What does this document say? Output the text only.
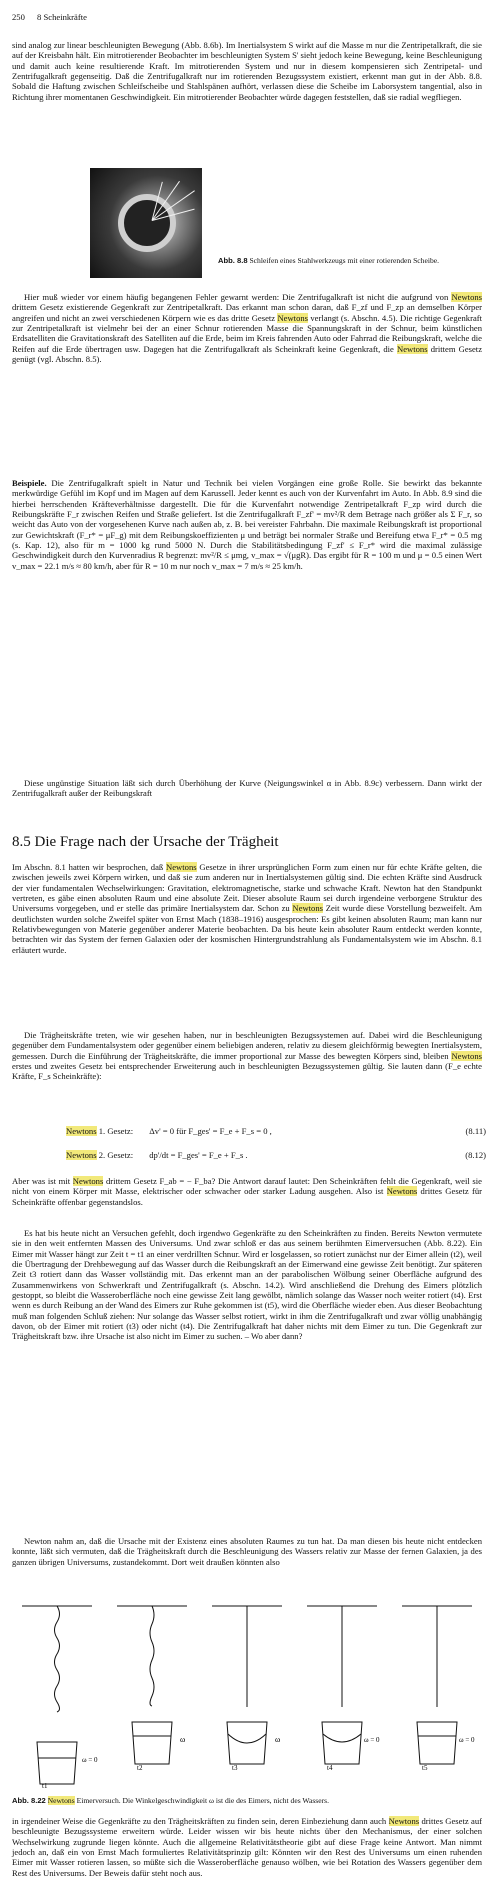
250 8 Scheinkräfte
sind analog zur linear beschleunigten Bewegung (Abb. 8.6b). Im Inertialsystem S wirkt auf die Masse m nur die Zentripetalkraft, die sie auf der Kreisbahn hält. Ein mitrotierender Beobachter im beschleunigten System S' sieht jedoch keine Bewegung, keine Beschleunigung und damit auch keine resultierende Kraft. Im mitrotierenden System und nur in diesem kompensieren sich Zentripetal- und Zentrifugalkraft gegenseitig. Daß die Zentrifugalkraft nur im rotierenden Bezugssystem existiert, erkennt man gut in der Abb. 8.8. Sobald die Haftung zwischen Schleifscheibe und Stahlspänen aufhört, verlassen diese die Scheibe im Laborsystem tangential, also in Richtung ihrer momentanen Geschwindigkeit. Ein mitrotierender Beobachter würde dagegen feststellen, daß sie radial wegfliegen.
Abb. 8.8 Schleifen eines Stahlwerkzeugs mit einer rotierenden Scheibe.
Hier muß wieder vor einem häufig begangenen Fehler gewarnt werden: Die Zentrifugalkraft ist nicht die aufgrund von Newtons drittem Gesetz existierende Gegenkraft zur Zentripetalkraft. Das erkannt man schon daran, daß F_zf und F_zp an demselben Körper angreifen und nicht an zwei verschiedenen Körpern wie es das dritte Gesetz Newtons verlangt (s. Abschn. 4.5). Die richtige Gegenkraft zur Zentripetalkraft ist vielmehr bei der an einer Schnur rotierenden Masse die Spannungskraft in der Schnur, beim künstlichen Erdsatelliten die Gravitationskraft des Satelliten auf die Erde, beim im Kreis fahrenden Auto oder Fahrrad die Reibungskraft, welche die Reifen auf die Erde übertragen usw. Dagegen hat die Zentrifugalkraft als Scheinkraft keine Gegenkraft, die Newtons drittem Gesetz genügt (vgl. Abschn. 8.5).
Beispiele. Die Zentrifugalkraft spielt in Natur und Technik bei vielen Vorgängen eine große Rolle. Sie bewirkt das bekannte merkwürdige Gefühl im Kopf und im Magen auf dem Karussell. Jeder kennt es auch von der Kurvenfahrt im Auto. In Abb. 8.9 sind die hierbei herrschenden Kräfteverhältnisse dargestellt. Die für die Kurvenfahrt notwendige Zentripetalkraft F_zp wird durch die Reibungskräfte F_r zwischen Reifen und Straße geliefert. Ist die Zentrifugalkraft F_zf' = mv²/R dem Betrage nach größer als Σ F_r, so weicht das Auto von der vorgesehenen Kurve nach außen ab, z. B. bei vereister Fahrbahn. Die maximale Reibungskraft ist proportional zur Gewichtskraft (F_r* = μF_g) mit dem Reibungskoeffizienten μ und beträgt bei normaler Straße und Bereifung etwa F_r* = 0.5 mg (s. Kap. 12), also für m = 1000 kg rund 5000 N. Durch die Stabilitätsbedingung F_zf' ≤ F_r* wird die maximal zulässige Geschwindigkeit durch den Kurvenradius R begrenzt: mv²/R ≤ μmg, v_max = √(μgR). Das ergibt für R = 100 m und μ = 0.5 einen Wert v_max = 22.1 m/s ≈ 80 km/h, aber für R = 10 m nur noch v_max = 7 m/s ≈ 25 km/h.
Diese ungünstige Situation läßt sich durch Überhöhung der Kurve (Neigungswinkel α in Abb. 8.9c) verbessern. Dann wirkt der Zentrifugalkraft außer der Reibungskraft
8.5 Die Frage nach der Ursache der Trägheit
Im Abschn. 8.1 hatten wir besprochen, daß Newtons Gesetze in ihrer ursprünglichen Form zum einen nur für echte Kräfte gelten, die zwischen jeweils zwei Körpern wirken, und daß sie zum anderen nur in Inertialsystemen gültig sind. Die echten Kräfte sind Ausdruck der vier fundamentalen Wechselwirkungen: Gravitation, elektromagnetische, starke und schwache Kraft. Newton hat den Standpunkt vertreten, es gäbe einen absoluten Raum und eine absolute Zeit. Dieser absolute Raum sei durch irgendeine verborgene Struktur des Universums vorgegeben, und er stelle das primäre Inertialsystem dar. Schon zu Newtons Zeit wurde diese Vorstellung bezweifelt. Am deutlichsten wurden solche Zweifel später von Ernst Mach (1838–1916) ausgesprochen: Es gibt keinen absoluten Raum; man kann nur Relativbewegungen von Materie gegenüber anderer Materie beobachten. Da bis heute kein absoluter Raum entdeckt werden konnte, betrachten wir das System der fernen Galaxien oder der kosmischen Hintergrundstrahlung als Fundamentalsystem wie im Abschn. 8.1 erläutert wurde.
Die Trägheitskräfte treten, wie wir gesehen haben, nur in beschleunigten Bezugssystemen auf. Dabei wird die Beschleunigung gegenüber dem Fundamentalsystem oder gegenüber einem beliebigen anderen, relativ zu diesem gleichförmig bewegten Inertialsystem, gemessen. Durch die Einführung der Trägheitskräfte, die immer proportional zur Masse des bewegten Körpers sind, bleiben Newtons erstes und zweites Gesetz bei entsprechender Erweiterung auch in beschleunigten Bezugssystemen gültig. Sie lauten dann (F_e echte Kräfte, F_s Scheinkräfte):
Newtons 1. Gesetz: Δv' = 0 für F_ges' = F_e + F_s = 0 ,	(8.11)
Newtons 2. Gesetz: dp'/dt = F_ges' = F_e + F_s .	(8.12)
Aber was ist mit Newtons drittem Gesetz F_ab = − F_ba? Die Antwort darauf lautet: Den Scheinkräften fehlt die Gegenkraft, weil sie nicht von einem Körper mit Masse, elektrischer oder schwacher oder starker Ladung ausgehen. Also ist Newtons drittes Gesetz für Scheinkräfte offenbar gegenstandslos.
Es hat bis heute nicht an Versuchen gefehlt, doch irgendwo Gegenkräfte zu den Scheinkräften zu finden. Bereits Newton vermutete sie in den weit entfernten Massen des Universums. Und zwar schloß er das aus seinem berühmten Eimerversuchen (Abb. 8.22). Ein Eimer mit Wasser hängt zur Zeit t = t1 an einer verdrillten Schnur. Wird er losgelassen, so rotiert zunächst nur der Eimer allein (t2), weil die Übertragung der Drehbewegung auf das Wasser durch die Reibungskraft an der Eimerwand eine gewisse Zeit benötigt. Zur späteren Zeit t3 rotiert dann das Wasser vollständig mit. Das erkennt man an der parabolischen Wölbung seiner Oberfläche aufgrund des Zusammenwirkens von Schwerkraft und Zentrifugalkraft (s. Abschn. 14.2). Wird anschließend die Drehung des Eimers plötzlich gestoppt, so bleibt die Wasseroberfläche noch eine gewisse Zeit lang gewölbt, nämlich solange das Wasser noch weiter rotiert (t4). Erst wenn es durch Reibung an der Wand des Eimers zur Ruhe gekommen ist (t5), wird die Oberfläche wieder eben. Aus dieser Beobachtung muß man folgenden Schluß ziehen: Nur solange das Wasser selbst rotiert, wirkt in ihm die Zentrifugalkraft und zwar völlig unabhängig davon, ob der Eimer mit rotiert (t3) oder nicht (t4). Die Zentrifugalkraft hat daher nichts mit dem Eimer zu tun. Die Gegenkraft zur Trägheitskraft bzw. ihre Ursache ist also nicht im Eimer zu suchen. – Wo aber dann?
Newton nahm an, daß die Ursache mit der Existenz eines absoluten Raumes zu tun hat. Da man diesen bis heute nicht entdecken konnte, läßt sich vermuten, daß die Trägheitskraft durch die Beschleunigung des Wassers relativ zur Masse der fernen Galaxien, ja des ganzen übrigen Universums, zustandekommt. Dort weit draußen könnten also
ω = 0
ω	ω	ω = 0	ω = 0
t1
t2	t3	t4	t5
Abb. 8.22 Newtons Eimerversuch. Die Winkelgeschwindigkeit ω ist die des Eimers, nicht des Wassers.
in irgendeiner Weise die Gegenkräfte zu den Trägheitskräften zu finden sein, deren Einbeziehung dann auch Newtons drittes Gesetz auf beschleunigte Bezugssysteme erweitern würde. Leider wissen wir bis heute nichts über den Mechanismus, der einer solchen Wechselwirkung zugrunde liegen könnte. Auch die allgemeine Relativitätstheorie gibt auf diese Frage keine Antwort. Man nimmt jedoch an, daß ein von Ernst Mach formuliertes Relativitätsprinzip gilt: Könnten wir den Rest des Universums um einen ruhenden Eimer mit Wasser rotieren lassen, so müßte sich die Wasseroberfläche genauso wölben, wie bei Rotation des Wassers gegenüber dem Rest des Universums. Der Beweis dafür steht noch aus.
